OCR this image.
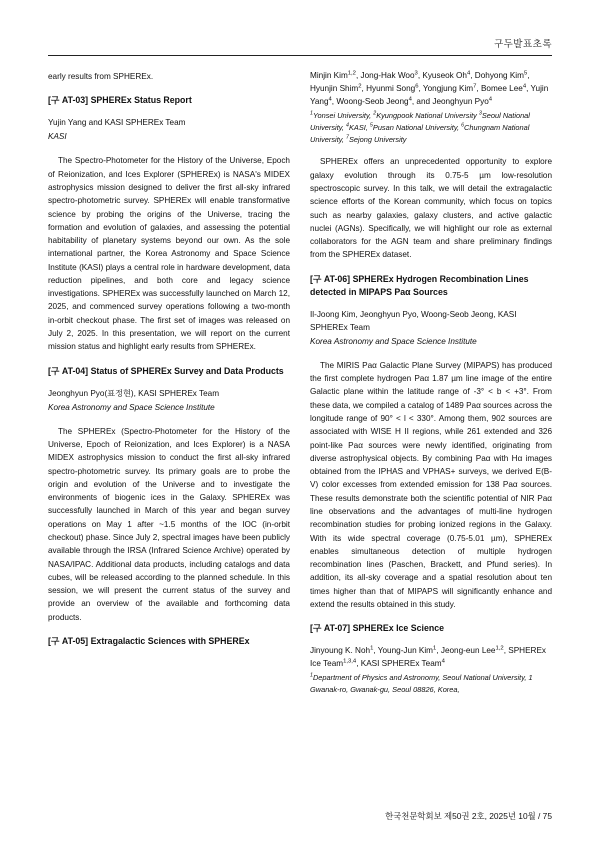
구두발표초록

early results from SPHEREx.

[구 AT-03] SPHEREx Status Report

Yujin Yang and KASI SPHEREx Team

KASI

The Spectro-Photometer for the History of the Universe, Epoch of Reionization, and Ices Explorer (SPHEREx) is NASA's MIDEX astrophysics mission designed to deliver the first all-sky infrared spectro-photometric survey. SPHEREx will enable transformative science by probing the origins of the Universe, tracing the formation and evolution of galaxies, and assessing the potential habitability of planetary systems beyond our own. As the sole international partner, the Korea Astronomy and Space Science Institute (KASI) plays a central role in hardware development, data reduction pipelines, and both core and legacy science investigations. SPHEREx was successfully launched on March 12, 2025, and commenced survey operations following a two-month in-orbit checkout phase. The first set of images was released on July 2, 2025. In this presentation, we will report on the current mission status and highlight early results from SPHEREx.

[구 AT-04] Status of SPHEREx Survey and Data Products

Jeonghyun Pyo(표정현), KASI SPHEREx Team

Korea Astronomy and Space Science Institute

The SPHEREx (Spectro-Photometer for the History of the Universe, Epoch of Reionization, and Ices Explorer) is a NASA MIDEX astrophysics mission to conduct the first all-sky infrared spectro-photometric survey. Its primary goals are to probe the origin and evolution of the Universe and to investigate the environments of biogenic ices in the Galaxy. SPHEREx was successfully launched in March of this year and began survey operations on May 1 after ~1.5 months of the IOC (in-orbit checkout) phase. Since July 2, spectral images have been publicly available through the IRSA (Infrared Science Archive) operated by NASA/IPAC. Additional data products, including catalogs and data cubes, will be released according to the planned schedule. In this session, we will present the current status of the survey and provide an overview of the available and forthcoming data products.

[구 AT-05] Extragalactic Sciences with SPHEREx

Minjin Kim$^{1,2}$, Jong-Hak Woo$^3$, Kyuseok Oh$^4$, Dohyong Kim$^5$, Hyunjin Shim$^2$, Hyunmi Song$^6$, Yongjung Kim$^7$, Bomee Lee$^4$, Yujin Yang$^4$, Woong-Seob Jeong$^4$, and Jeonghyun Pyo$^4$

$^1$Yonsei University, $^2$Kyungpook National University $^3$Seoul National University, $^4$KASI, $^5$Pusan National University, $^6$Chungnam National University, $^7$Sejong University

SPHEREx offers an unprecedented opportunity to explore galaxy evolution through its 0.75-5 µm low-resolution spectroscopic survey. In this talk, we will detail the extragalactic science efforts of the Korean community, which focus on topics such as nearby galaxies, galaxy clusters, and active galactic nuclei (AGNs). Specifically, we will highlight our role as external collaborators for the AGN team and share preliminary findings from the SPHEREx dataset.

[구 AT-06] SPHEREx Hydrogen Recombination Lines detected in MIPAPS Paα Sources

Il-Joong Kim, Jeonghyun Pyo, Woong-Seob Jeong, KASI SPHEREx Team

Korea Astronomy and Space Science Institute

The MIRIS Paα Galactic Plane Survey (MIPAPS) has produced the first complete hydrogen Paα 1.87 µm line image of the entire Galactic plane within the latitude range of -3° < b < +3°. From these data, we compiled a catalog of 1489 Paα sources across the longitude range of 90° < l < 330°. Among them, 902 sources are associated with WISE H II regions, while 261 extended and 326 point-like Paα sources were newly identified, originating from diverse astrophysical objects. By combining Paα with Hα images obtained from the IPHAS and VPHAS+ surveys, we derived E(B-V) color excesses from extended emission for 138 Paα sources. These results demonstrate both the scientific potential of NIR Paα line observations and the advantages of multi-line hydrogen recombination studies for probing ionized regions in the Galaxy. With its wide spectral coverage (0.75-5.01 µm), SPHEREx enables simultaneous detection of multiple hydrogen recombination lines (Paschen, Brackett, and Pfund series). In addition, its all-sky coverage and a spatial resolution about ten times higher than that of MIPAPS will significantly enhance and extend the results obtained in this study.

[구 AT-07] SPHEREx Ice Science

Jinyoung K. Noh$^1$, Young-Jun Kim$^1$, Jeong-eun Lee$^{1,2}$, SPHEREx Ice Team$^{1,3,4}$, KASI SPHEREx Team$^4$

$^1$Department of Physics and Astronomy, Seoul National University, 1 Gwanak-ro, Gwanak-gu, Seoul 08826, Korea,

한국천문학회보 제50권 2호, 2025년 10월 / 75
